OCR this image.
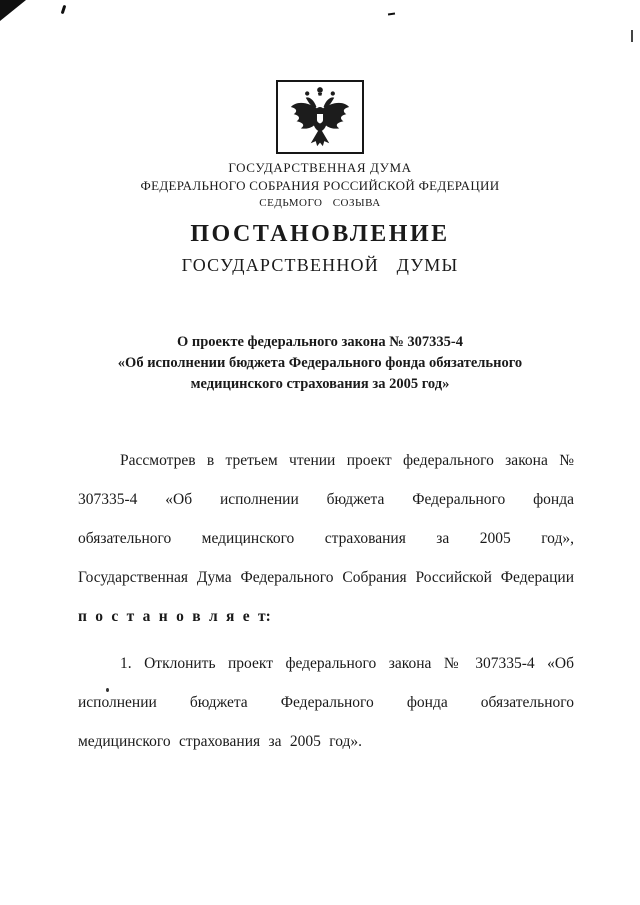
ГОСУДАРСТВЕННАЯ ДУМА
ФЕДЕРАЛЬНОГО СОБРАНИЯ РОССИЙСКОЙ ФЕДЕРАЦИИ
СЕДЬМОГО СОЗЫВА
ПОСТАНОВЛЕНИЕ
ГОСУДАРСТВЕННОЙ ДУМЫ
О проекте федерального закона № 307335-4
«Об исполнении бюджета Федерального фонда обязательного
медицинского страхования за 2005 год»

Рассмотрев в третьем чтении проект федерального закона № 307335-4 «Об исполнении бюджета Федерального фонда обязательного медицинского страхования за 2005 год», Государственная Дума Федерального Собрания Российской Федерации п о с т а н о в л я е т:

1. Отклонить проект федерального закона № 307335-4 «Об исполнении бюджета Федерального фонда обязательного медицинского страхования за 2005 год».
